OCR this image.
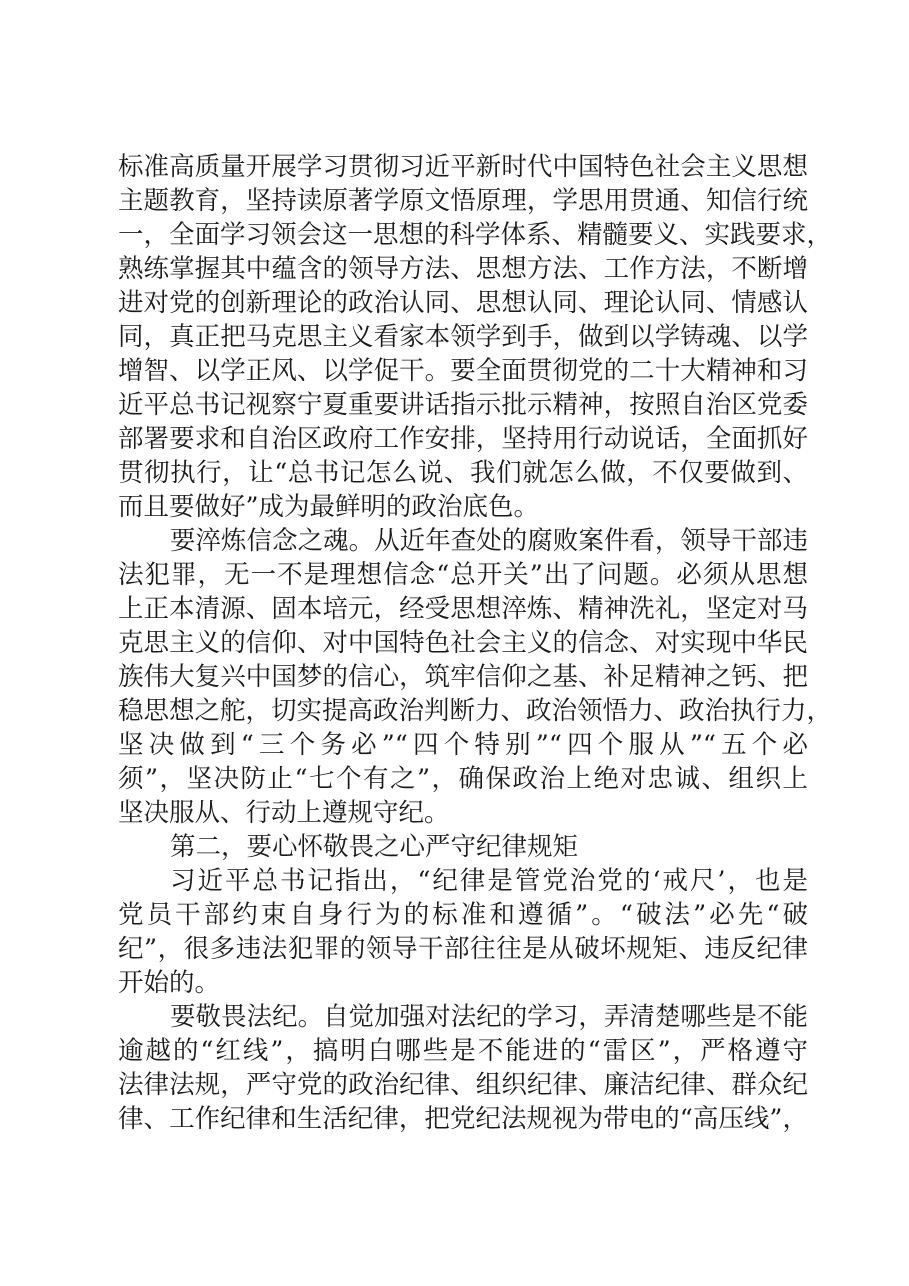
标准高质量开展学习贯彻习近平新时代中国特色社会主义思想
主题教育，坚持读原著学原文悟原理，学思用贯通、知信行统
一，全面学习领会这一思想的科学体系、精髓要义、实践要求，
熟练掌握其中蕴含的领导方法、思想方法、工作方法，不断增
进对党的创新理论的政治认同、思想认同、理论认同、情感认
同，真正把马克思主义看家本领学到手，做到以学铸魂、以学
增智、以学正风、以学促干。要全面贯彻党的二十大精神和习
近平总书记视察宁夏重要讲话指示批示精神，按照自治区党委
部署要求和自治区政府工作安排，坚持用行动说话，全面抓好
贯彻执行，让“总书记怎么说、我们就怎么做，不仅要做到、
而且要做好”成为最鲜明的政治底色。
要淬炼信念之魂。从近年查处的腐败案件看，领导干部违
法犯罪，无一不是理想信念“总开关”出了问题。必须从思想
上正本清源、固本培元，经受思想淬炼、精神洗礼，坚定对马
克思主义的信仰、对中国特色社会主义的信念、对实现中华民
族伟大复兴中国梦的信心，筑牢信仰之基、补足精神之钙、把
稳思想之舵，切实提高政治判断力、政治领悟力、政治执行力，
坚决做到“三个务必”“四个特别”“四个服从”“五个必
须”，坚决防止“七个有之”，确保政治上绝对忠诚、组织上
坚决服从、行动上遵规守纪。
第二，要心怀敬畏之心严守纪律规矩
习近平总书记指出，“纪律是管党治党的‘戒尺’，也是
党员干部约束自身行为的标准和遵循”。“破法”必先“破
纪”，很多违法犯罪的领导干部往往是从破坏规矩、违反纪律
开始的。
要敬畏法纪。自觉加强对法纪的学习，弄清楚哪些是不能
逾越的“红线”，搞明白哪些是不能进的“雷区”，严格遵守
法律法规，严守党的政治纪律、组织纪律、廉洁纪律、群众纪
律、工作纪律和生活纪律，把党纪法规视为带电的“高压线”，
